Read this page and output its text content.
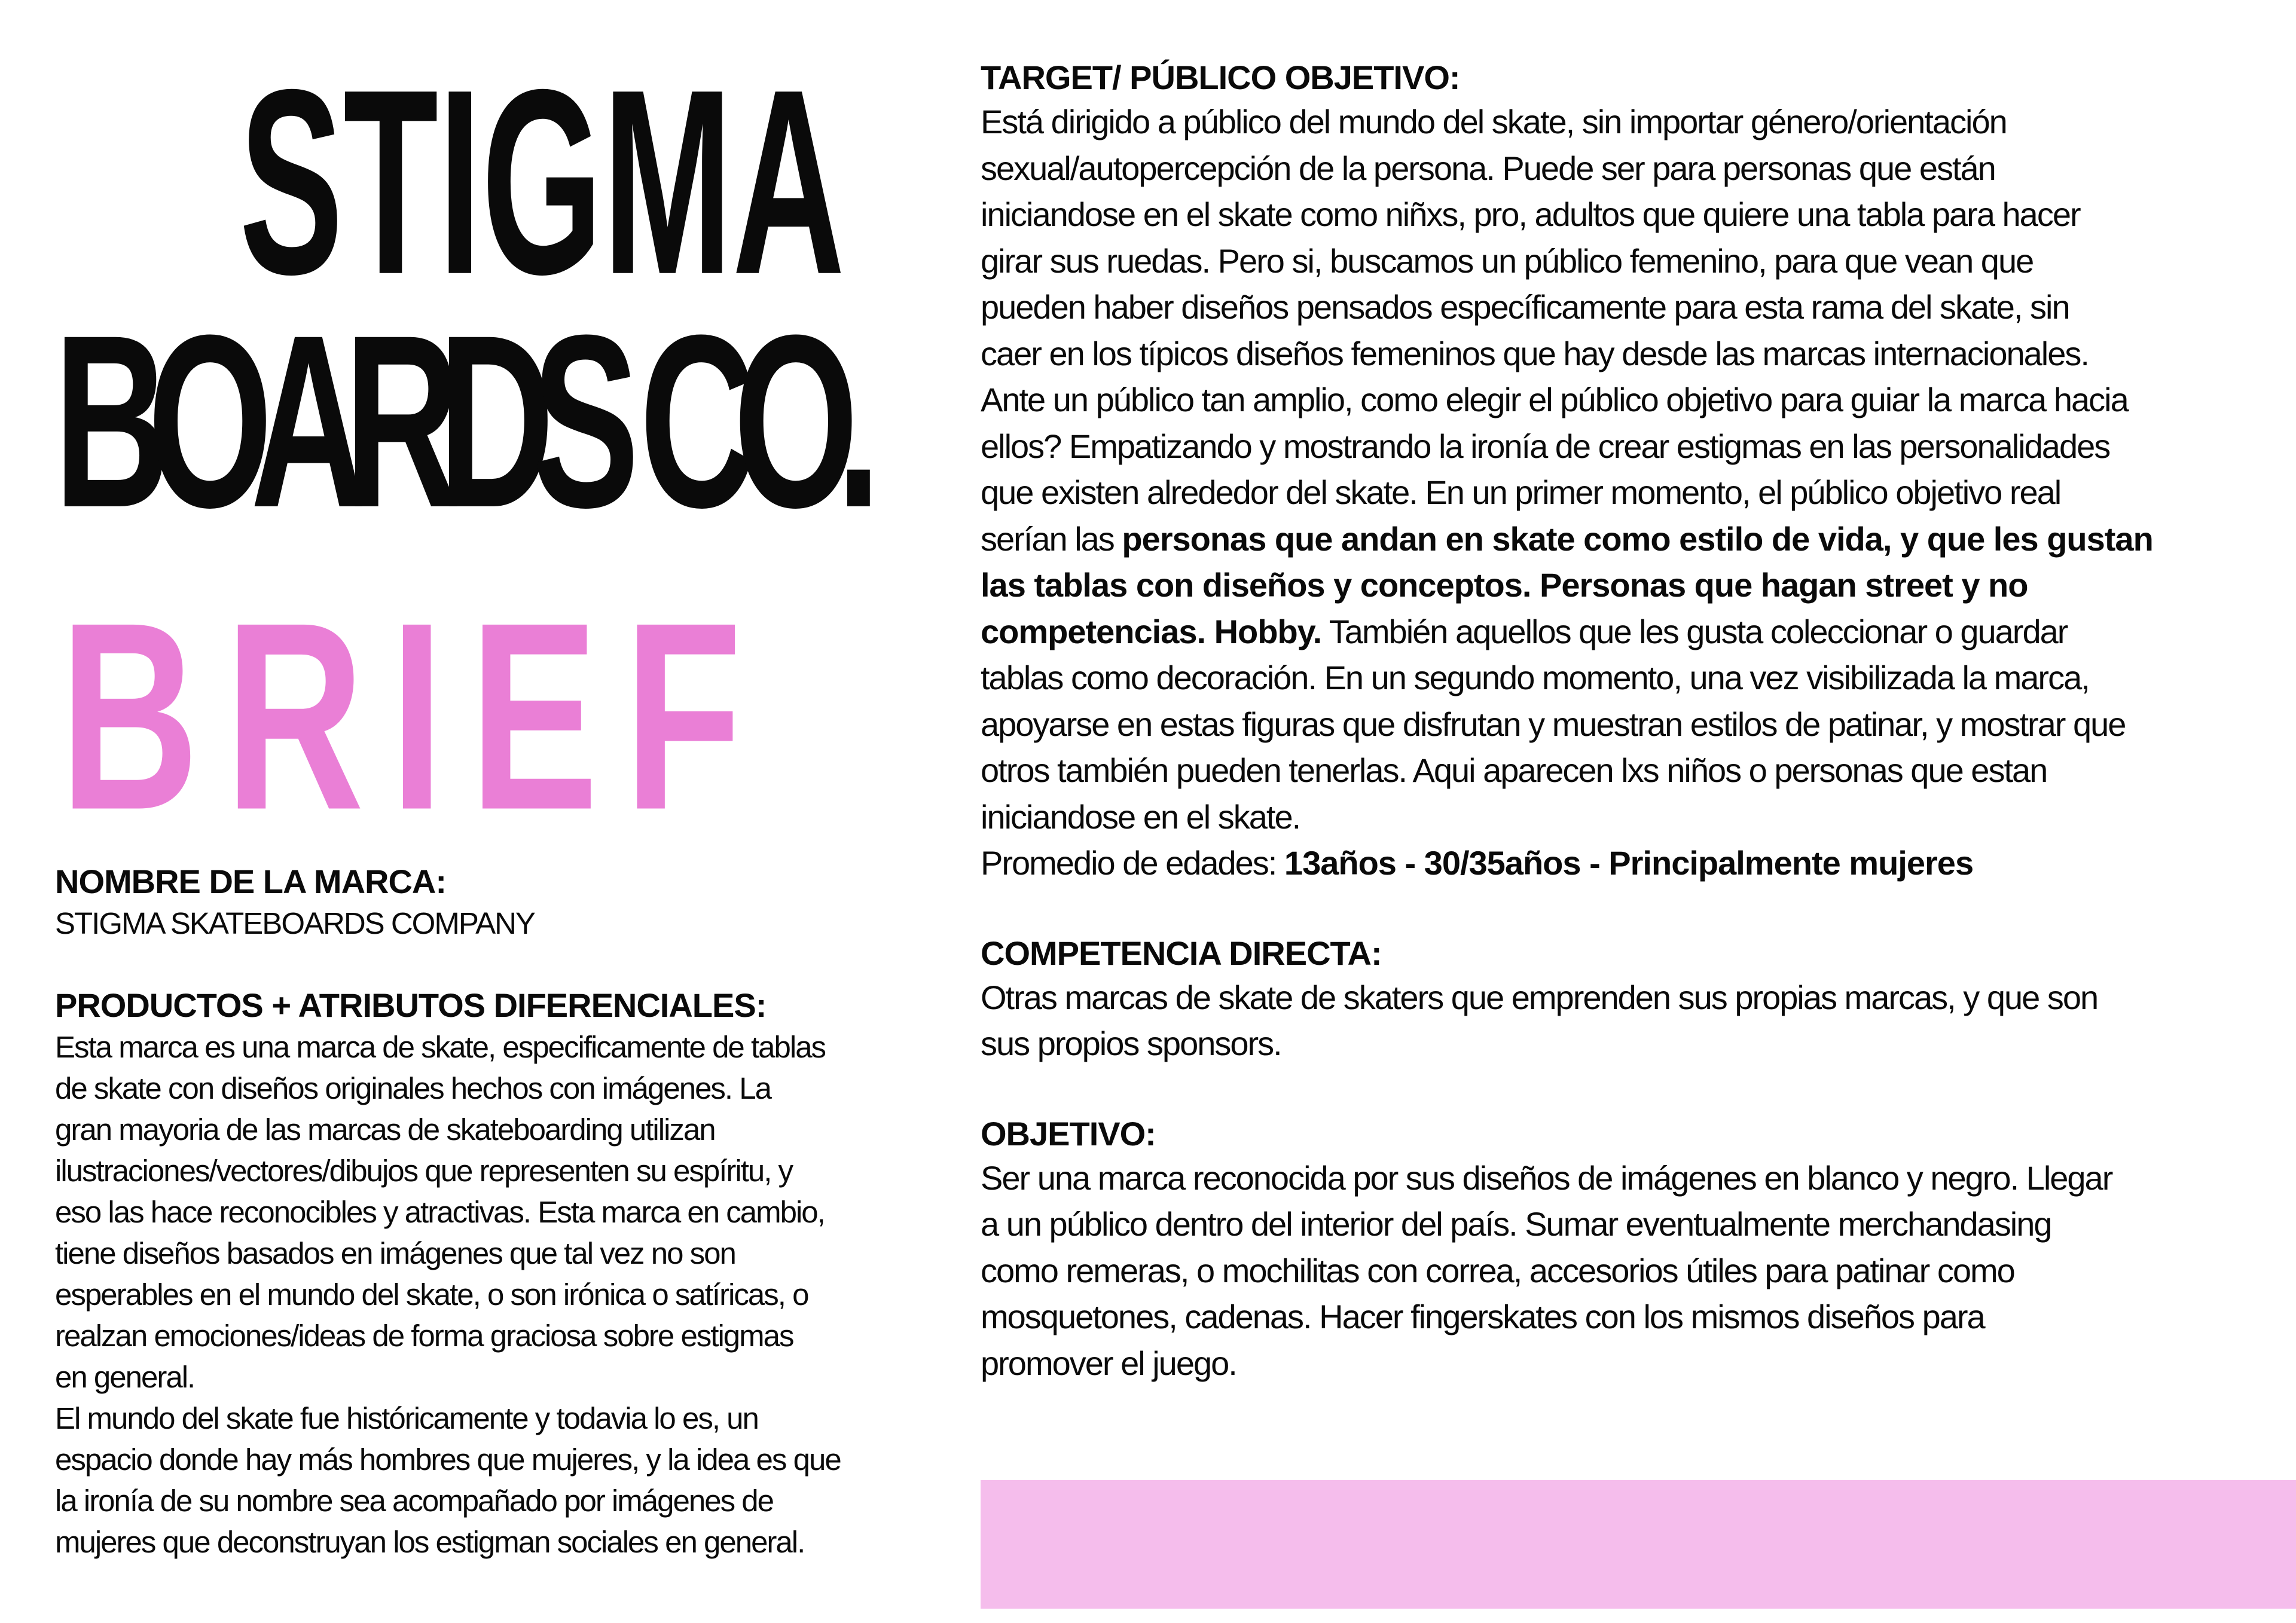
STIGMA
BOARDS CO.
BRIEF

NOMBRE DE LA MARCA:

STIGMA SKATEBOARDS COMPANY

PRODUCTOS + ATRIBUTOS DIFERENCIALES:

Esta marca es una marca de skate, especificamente de tablas

de skate con diseños originales hechos con imágenes. La

gran mayoria de las marcas de skateboarding utilizan

ilustraciones/vectores/dibujos que representen su espíritu, y

eso las hace reconocibles y atractivas. Esta marca en cambio,

tiene diseños basados en imágenes que tal vez no son

esperables en el mundo del skate, o son irónica o satíricas, o

realzan emociones/ideas de forma graciosa sobre estigmas

en general.

El mundo del skate fue históricamente y todavia lo es, un

espacio donde hay más hombres que mujeres, y la idea es que

la ironía de su nombre sea acompañado por imágenes de

mujeres que deconstruyan los estigman sociales en general.

TARGET/ PÚBLICO OBJETIVO:

Está dirigido a público del mundo del skate, sin importar género/orientación

sexual/autopercepción de la persona. Puede ser para personas que están

iniciandose en el skate como niñxs, pro, adultos que quiere una tabla para hacer

girar sus ruedas. Pero si, buscamos un público femenino, para que vean que

pueden haber diseños pensados específicamente para esta rama del skate, sin

caer en los típicos diseños femeninos que hay desde las marcas internacionales.

Ante un público tan amplio, como elegir el público objetivo para guiar la marca hacia

ellos? Empatizando y mostrando la ironía de crear estigmas en las personalidades

que existen alrededor del skate. En un primer momento, el público objetivo real

serían las personas que andan en skate como estilo de vida, y que les gustan

las tablas con diseños y conceptos. Personas que hagan street y no

competencias. Hobby. También aquellos que les gusta coleccionar o guardar

tablas como decoración. En un segundo momento, una vez visibilizada la marca,

apoyarse en estas figuras que disfrutan y muestran estilos de patinar, y mostrar que

otros también pueden tenerlas. Aqui aparecen lxs niños o personas que estan

iniciandose en el skate.

Promedio de edades: 13años - 30/35años - Principalmente mujeres

COMPETENCIA DIRECTA:

Otras marcas de skate de skaters que emprenden sus propias marcas, y que son

sus propios sponsors.

OBJETIVO:

Ser una marca reconocida por sus diseños de imágenes en blanco y negro. Llegar

a un público dentro del interior del país. Sumar eventualmente merchandasing

como remeras, o mochilitas con correa, accesorios útiles para patinar como

mosquetones, cadenas. Hacer fingerskates con los mismos diseños para

promover el juego.
